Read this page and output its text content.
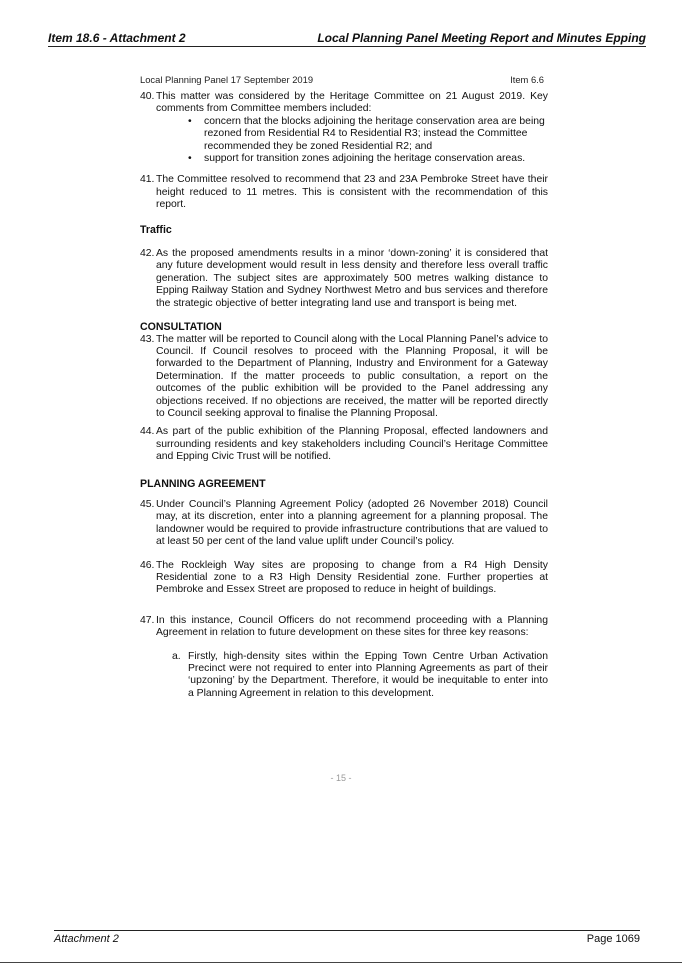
Item 18.6 - Attachment 2	Local Planning Panel Meeting Report and Minutes Epping
Local Planning Panel 17 September 2019	Item 6.6
40. This matter was considered by the Heritage Committee on 21 August 2019. Key comments from Committee members included:
• concern that the blocks adjoining the heritage conservation area are being rezoned from Residential R4 to Residential R3; instead the Committee recommended they be zoned Residential R2; and
• support for transition zones adjoining the heritage conservation areas.
41. The Committee resolved to recommend that 23 and 23A Pembroke Street have their height reduced to 11 metres. This is consistent with the recommendation of this report.
Traffic
42. As the proposed amendments results in a minor ‘down-zoning’ it is considered that any future development would result in less density and therefore less overall traffic generation. The subject sites are approximately 500 metres walking distance to Epping Railway Station and Sydney Northwest Metro and bus services and therefore the strategic objective of better integrating land use and transport is being met.
CONSULTATION
43. The matter will be reported to Council along with the Local Planning Panel’s advice to Council. If Council resolves to proceed with the Planning Proposal, it will be forwarded to the Department of Planning, Industry and Environment for a Gateway Determination. If the matter proceeds to public consultation, a report on the outcomes of the public exhibition will be provided to the Panel addressing any objections received. If no objections are received, the matter will be reported directly to Council seeking approval to finalise the Planning Proposal.
44. As part of the public exhibition of the Planning Proposal, effected landowners and surrounding residents and key stakeholders including Council’s Heritage Committee and Epping Civic Trust will be notified.
PLANNING AGREEMENT
45. Under Council’s Planning Agreement Policy (adopted 26 November 2018) Council may, at its discretion, enter into a planning agreement for a planning proposal. The landowner would be required to provide infrastructure contributions that are valued to at least 50 per cent of the land value uplift under Council’s policy.
46. The Rockleigh Way sites are proposing to change from a R4 High Density Residential zone to a R3 High Density Residential zone. Further properties at Pembroke and Essex Street are proposed to reduce in height of buildings.
47. In this instance, Council Officers do not recommend proceeding with a Planning Agreement in relation to future development on these sites for three key reasons:
a. Firstly, high-density sites within the Epping Town Centre Urban Activation Precinct were not required to enter into Planning Agreements as part of their ‘upzoning’ by the Department. Therefore, it would be inequitable to enter into a Planning Agreement in relation to this development.
- 15 -
Attachment 2	Page 1069
